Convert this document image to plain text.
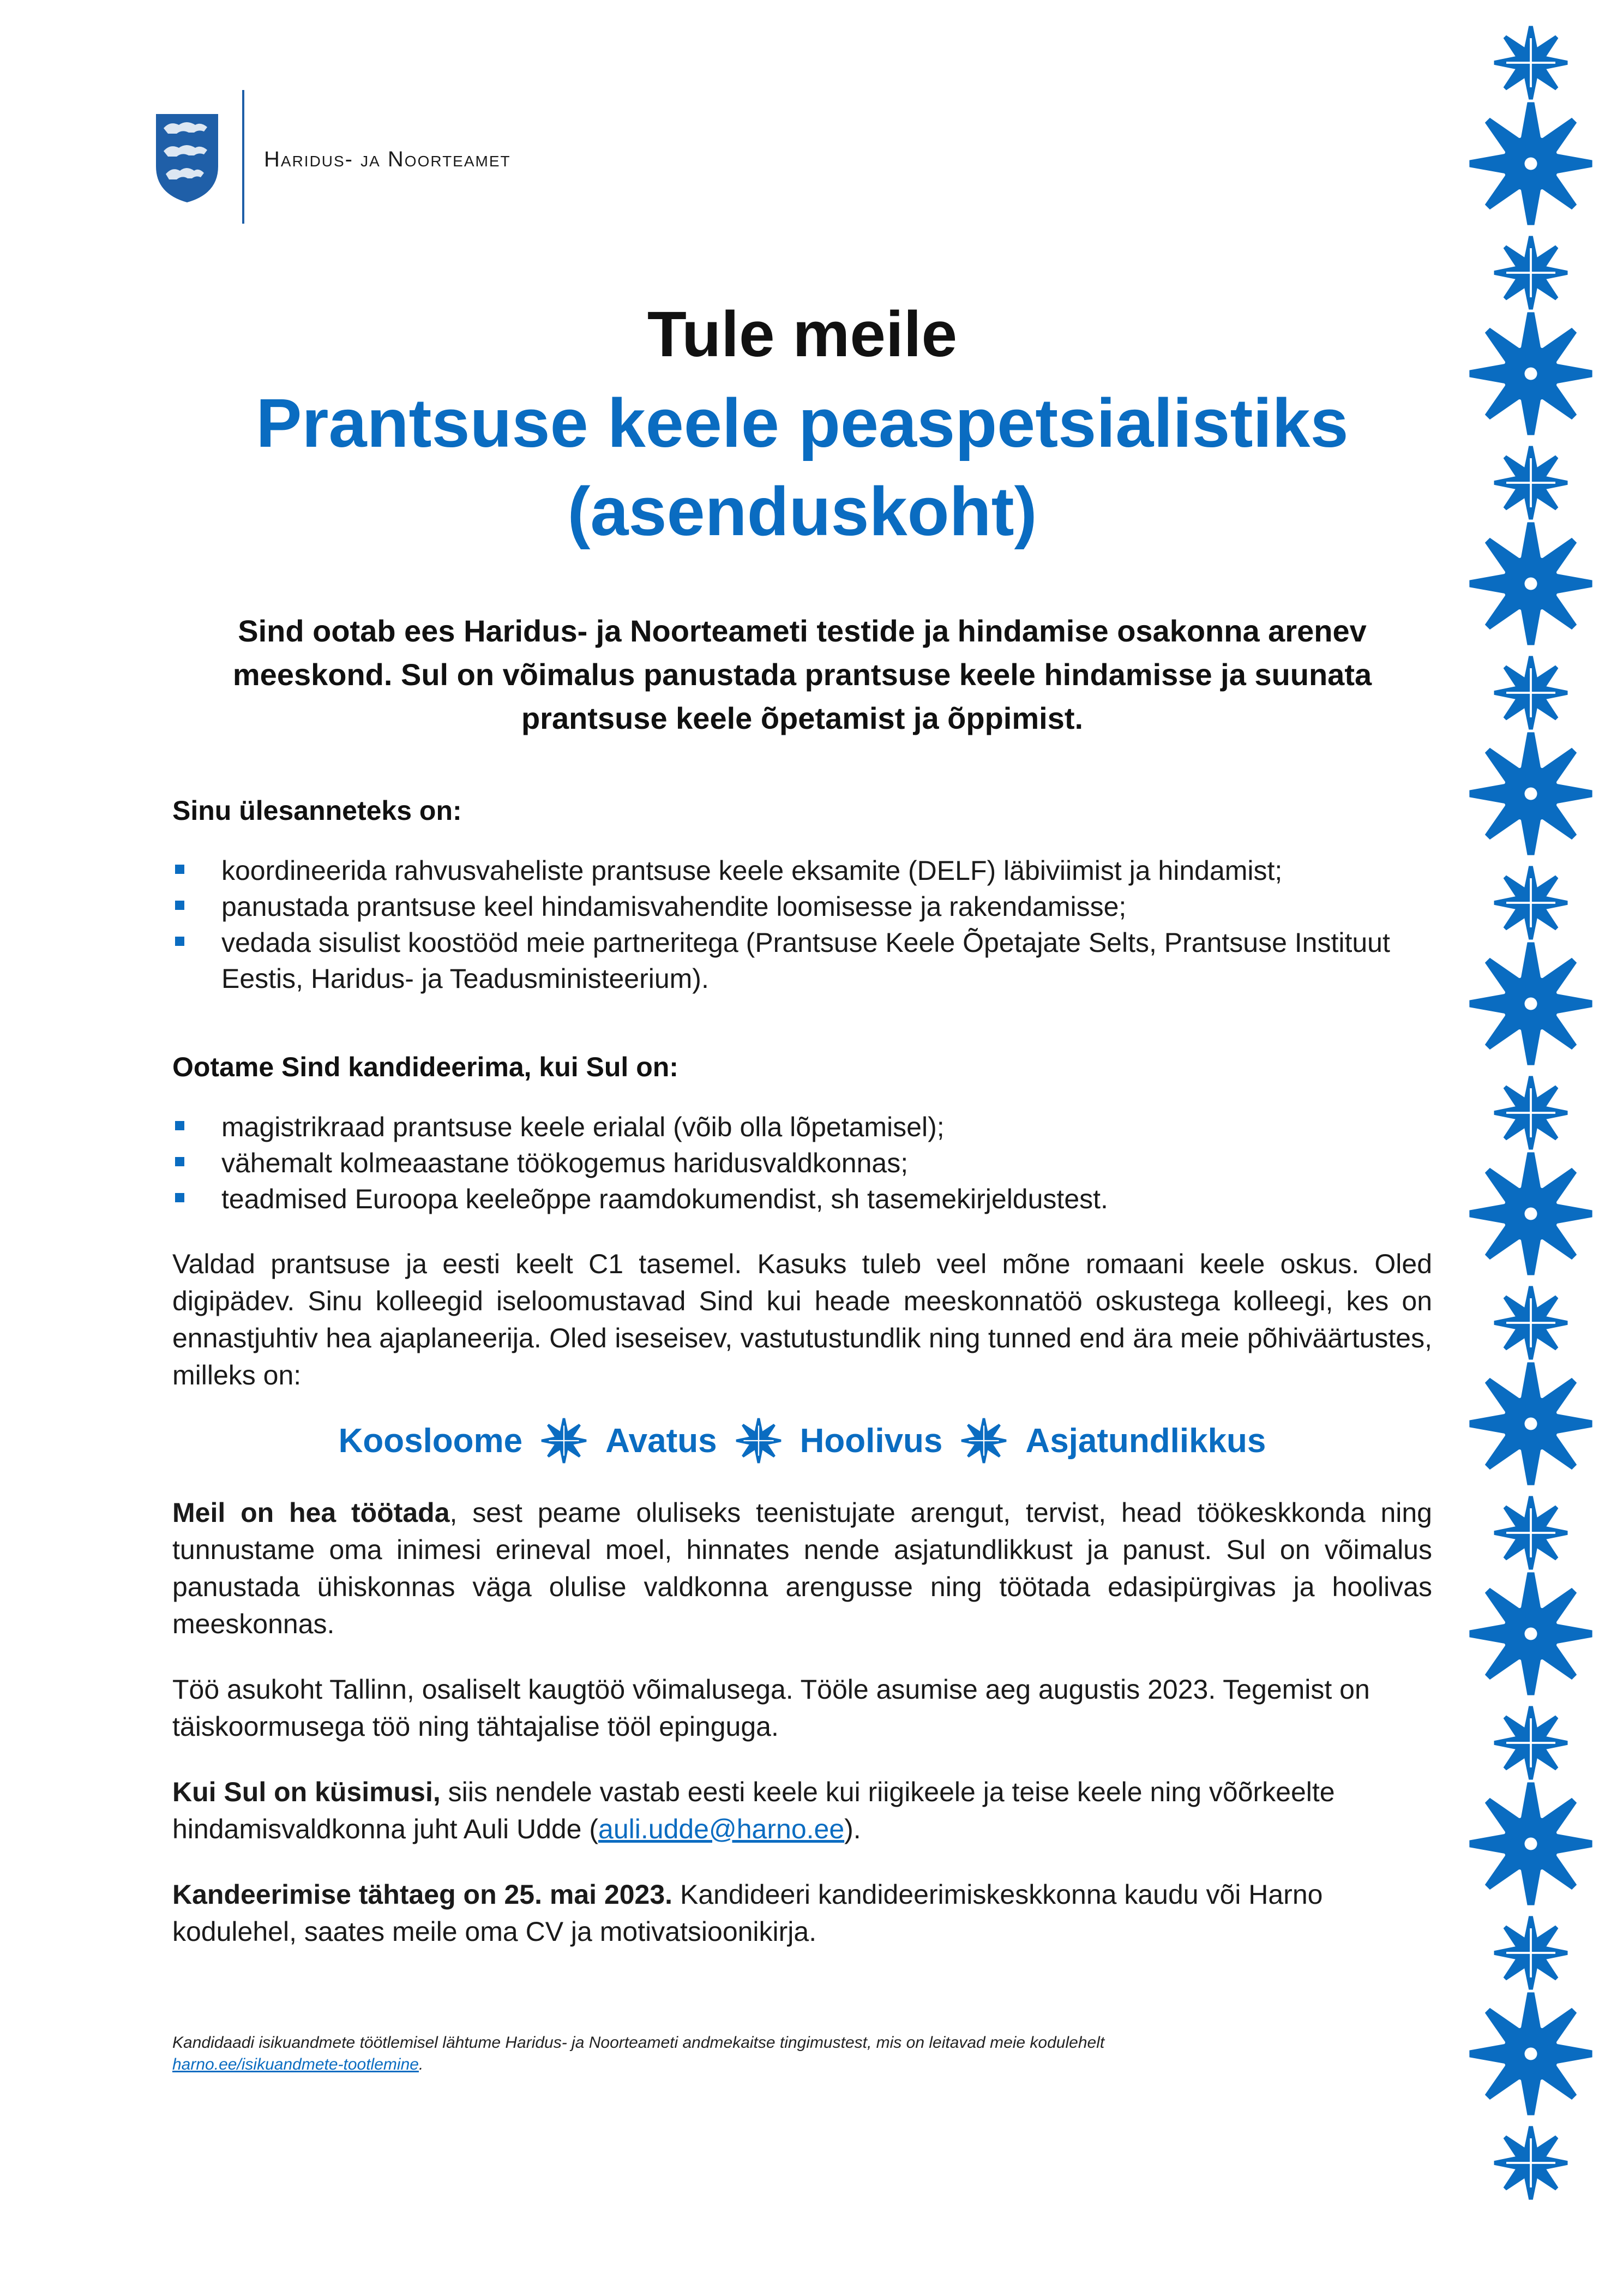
Haridus- ja Noorteamet
Tule meile
Prantsuse keele peaspetsialistiks
(asenduskoht)

Sind ootab ees Haridus- ja Noorteameti testide ja hindamise osakonna arenev meeskond. Sul on võimalus panustada prantsuse keele hindamisse ja suunata prantsuse keele õpetamist ja õppimist.

Sinu ülesanneteks on:
koordineerida rahvusvaheliste prantsuse keele eksamite (DELF) läbiviimist ja hindamist;
panustada prantsuse keel hindamisvahendite loomisesse ja rakendamisse;
vedada sisulist koostööd meie partneritega (Prantsuse Keele Õpetajate Selts, Prantsuse Instituut Eestis, Haridus- ja Teadusministeerium).
Ootame Sind kandideerima, kui Sul on:
magistrikraad prantsuse keele erialal (võib olla lõpetamisel);
vähemalt kolmeaastane töökogemus haridusvaldkonnas;
teadmised Euroopa keeleõppe raamdokumendist, sh tasemekirjeldustest.

Valdad prantsuse ja eesti keelt C1 tasemel. Kasuks tuleb veel mõne romaani keele oskus. Oled digipädev. Sinu kolleegid iseloomustavad Sind kui heade meeskonnatöö oskustega kolleegi, kes on ennastjuhtiv hea ajaplaneerija. Oled iseseisev, vastutustundlik ning tunned end ära meie põhiväärtustes, milleks on:

Koosloome Avatus Hoolivus Asjatundlikkus

Meil on hea töötada, sest peame oluliseks teenistujate arengut, tervist, head töökeskkonda ning tunnustame oma inimesi erineval moel, hinnates nende asjatundlikkust ja panust. Sul on võimalus panustada ühiskonnas väga olulise valdkonna arengusse ning töötada edasipürgivas ja hoolivas meeskonnas.

Töö asukoht Tallinn, osaliselt kaugtöö võimalusega. Tööle asumise aeg augustis 2023. Tegemist on täiskoormusega töö ning tähtajalise tööl epinguga.

Kui Sul on küsimusi, siis nendele vastab eesti keele kui riigikeele ja teise keele ning võõrkeelte hindamisvaldkonna juht Auli Udde (auli.udde@harno.ee).

Kandeerimise tähtaeg on 25. mai 2023. Kandideeri kandideerimiskeskkonna kaudu või Harno kodulehel, saates meile oma CV ja motivatsioonikirja.

Kandidaadi isikuandmete töötlemisel lähtume Haridus- ja Noorteameti andmekaitse tingimustest, mis on leitavad meie kodulehelt harno.ee/isikuandmete-tootlemine.
